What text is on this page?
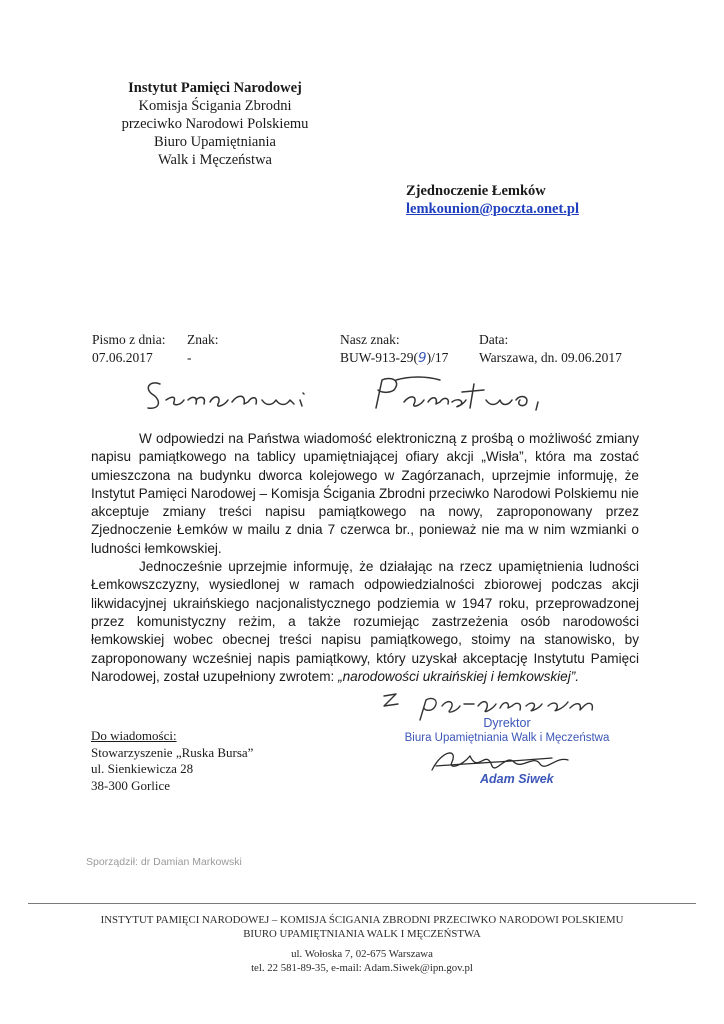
Instytut Pamięci Narodowej
Komisja Ścigania Zbrodni
przeciwko Narodowi Polskiemu
Biuro Upamiętniania
Walk i Męczeństwa
Zjednoczenie Łemków
lemkounion@poczta.onet.pl
Pismo z dnia:
07.06.2017
Znak:
-
Nasz znak:
BUW-913-29(9)/17
Data:
Warszawa, dn. 09.06.2017

W odpowiedzi na Państwa wiadomość elektroniczną z prośbą o możliwość zmiany napisu pamiątkowego na tablicy upamiętniającej ofiary akcji „Wisła”, która ma zostać umieszczona na budynku dworca kolejowego w Zagórzanach, uprzejmie informuję, że Instytut Pamięci Narodowej – Komisja Ścigania Zbrodni przeciwko Narodowi Polskiemu nie akceptuje zmiany treści napisu pamiątkowego na nowy, zaproponowany przez Zjednoczenie Łemków w mailu z dnia 7 czerwca br., ponieważ nie ma w nim wzmianki o ludności łemkowskiej.

Jednocześnie uprzejmie informuję, że działając na rzecz upamiętnienia ludności Łemkowszczyzny, wysiedlonej w ramach odpowiedzialności zbiorowej podczas akcji likwidacyjnej ukraińskiego nacjonalistycznego podziemia w 1947 roku, przeprowadzonej przez komunistyczny reżim, a także rozumiejąc zastrzeżenia osób narodowości łemkowskiej wobec obecnej treści napisu pamiątkowego, stoimy na stanowisko, by zaproponowany wcześniej napis pamiątkowy, który uzyskał akceptację Instytutu Pamięci Narodowej, został uzupełniony zwrotem: „narodowości ukraińskiej i łemkowskiej”.

Do wiadomości:
Stowarzyszenie „Ruska Bursa”
ul. Sienkiewicza 28
38-300 Gorlice
Dyrektor
Biura Upamiętniania Walk i Męczeństwa
Adam Siwek
Sporządził: dr Damian Markowski
INSTYTUT PAMIĘCI NARODOWEJ – KOMISJA ŚCIGANIA ZBRODNI PRZECIWKO NARODOWI POLSKIEMU
BIURO UPAMIĘTNIANIA WALK I MĘCZEŃSTWA
ul. Wołoska 7, 02-675 Warszawa
tel. 22 581-89-35, e-mail: Adam.Siwek@ipn.gov.pl
